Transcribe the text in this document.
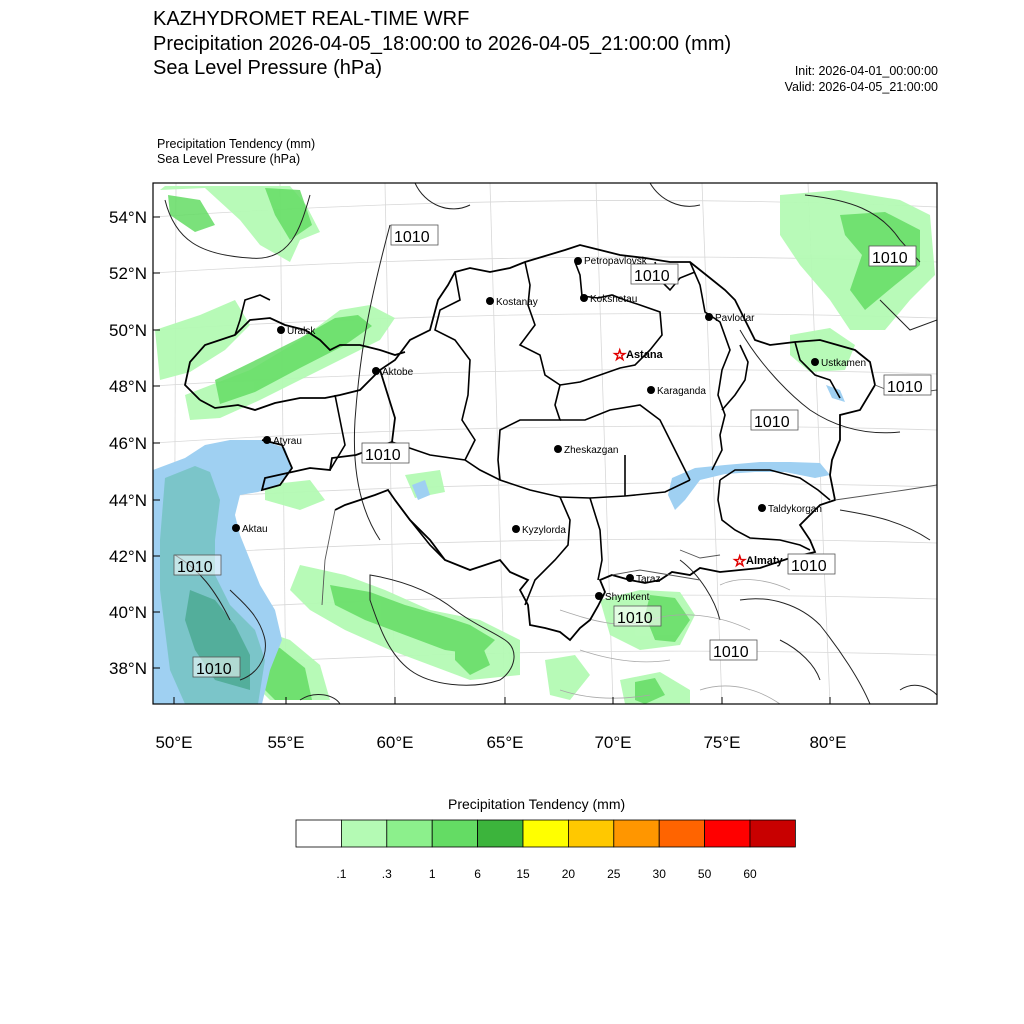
KAZHYDROMET REAL-TIME WRF
Precipitation 2026-04-05_18:00:00 to 2026-04-05_21:00:00 (mm)
Sea Level Pressure (hPa)	Init: 2026-04-01_00:00:00
Valid: 2026-04-05_21:00:00
Precipitation Tendency (mm)
Sea Level Pressure (hPa)
54°N
52°N
50°N
48°N
46°N
44°N
42°N
40°N
38°N
50°E	55°E	60°E	65°E	70°E	75°E	80°E
1010
1010
1010
1010
1010
1010
1010	1010
1010
1010
1010
Petropavlovsk
Kostanay	Kokshetau
Pavlodar
Uralsk
☆ Astana
Aktobe
Ustkamen
Karaganda
Atyrau
Zheskazgan
Aktau	Kyzylorda
Taldykorgan
☆ Almaty
Taraz
Shymkent
.1	.3	1	6	15	20	25	30	50	60
Precipitation Tendency (mm)
